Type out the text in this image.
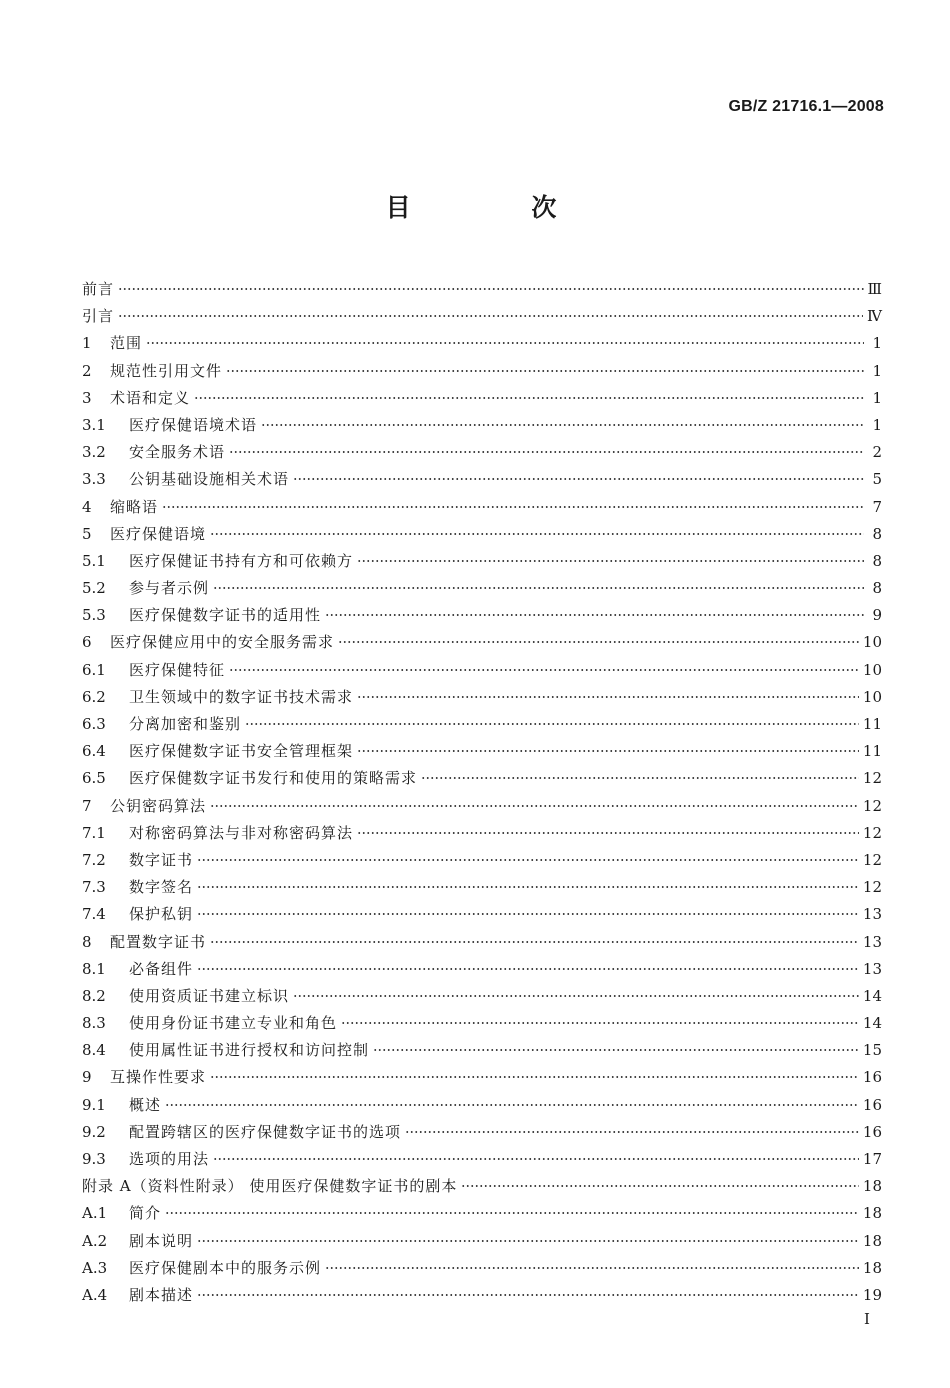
GB/Z 21716.1—2008
目 次
前言	Ⅲ
引言	Ⅳ
1	范围	1
2	规范性引用文件	1
3	术语和定义	1
3.1	医疗保健语境术语	1
3.2	安全服务术语	2
3.3	公钥基础设施相关术语	5
4	缩略语	7
5	医疗保健语境	8
5.1	医疗保健证书持有方和可依赖方	8
5.2	参与者示例	8
5.3	医疗保健数字证书的适用性	9
6	医疗保健应用中的安全服务需求	10
6.1	医疗保健特征	10
6.2	卫生领域中的数字证书技术需求	10
6.3	分离加密和鉴别	11
6.4	医疗保健数字证书安全管理框架	11
6.5	医疗保健数字证书发行和使用的策略需求	12
7	公钥密码算法	12
7.1	对称密码算法与非对称密码算法	12
7.2	数字证书	12
7.3	数字签名	12
7.4	保护私钥	13
8	配置数字证书	13
8.1	必备组件	13
8.2	使用资质证书建立标识	14
8.3	使用身份证书建立专业和角色	14
8.4	使用属性证书进行授权和访问控制	15
9	互操作性要求	16
9.1	概述	16
9.2	配置跨辖区的医疗保健数字证书的选项	16
9.3	选项的用法	17
附录 A（资料性附录） 使用医疗保健数字证书的剧本	18
A.1	简介	18
A.2	剧本说明	18
A.3	医疗保健剧本中的服务示例	18
A.4	剧本描述	19
Ⅰ
